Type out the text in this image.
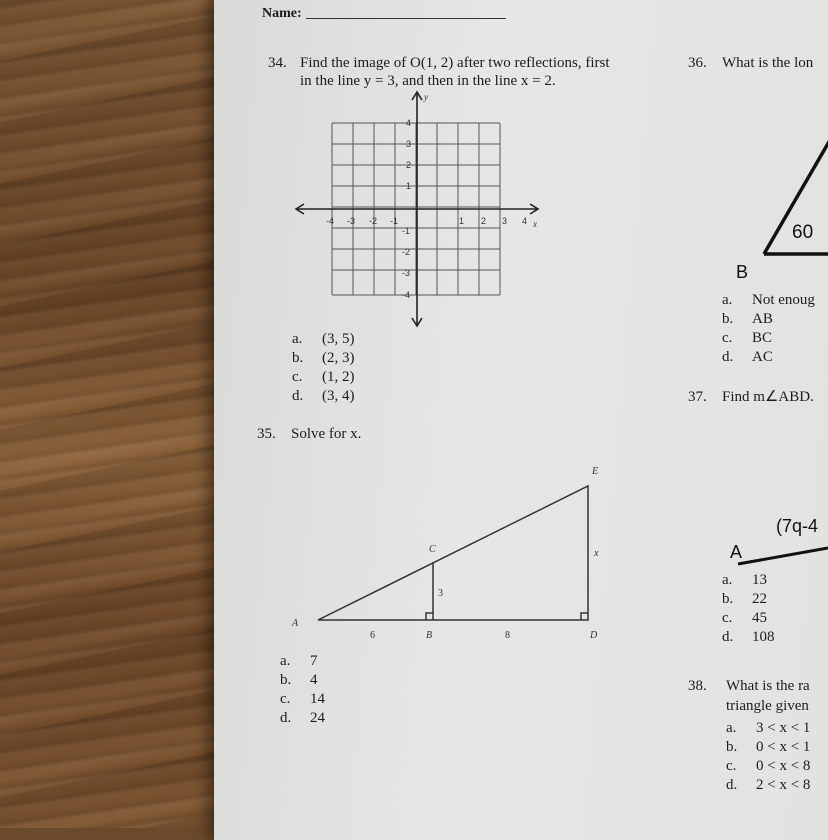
Name:
34. Find the image of O(1, 2) after two reflections, first
in the line y = 3, and then in the line x = 2.
y
x
-4 -3 -2 -1	1 2 3 4
4
3
2
1
-1
-2
-3
-4
a.	(3, 5)
b.	(2, 3)
c.	(1, 2)
d.	(3, 4)
35. Solve for x.
A
B
C
D
E
x
3
6	8
a.	7
b.	4
c.	14
d.	24
36. What is the lon
60
B
a.	Not enoug
b.	AB
c.	BC
d.	AC
37. Find m∠ABD.
(7q-4
A
a.	13
b.	22
c.	45
d.	108
38. What is the ra
triangle given
a.	3 < x < 1
b.	0 < x < 1
c.	0 < x < 8
d.	2 < x < 8
